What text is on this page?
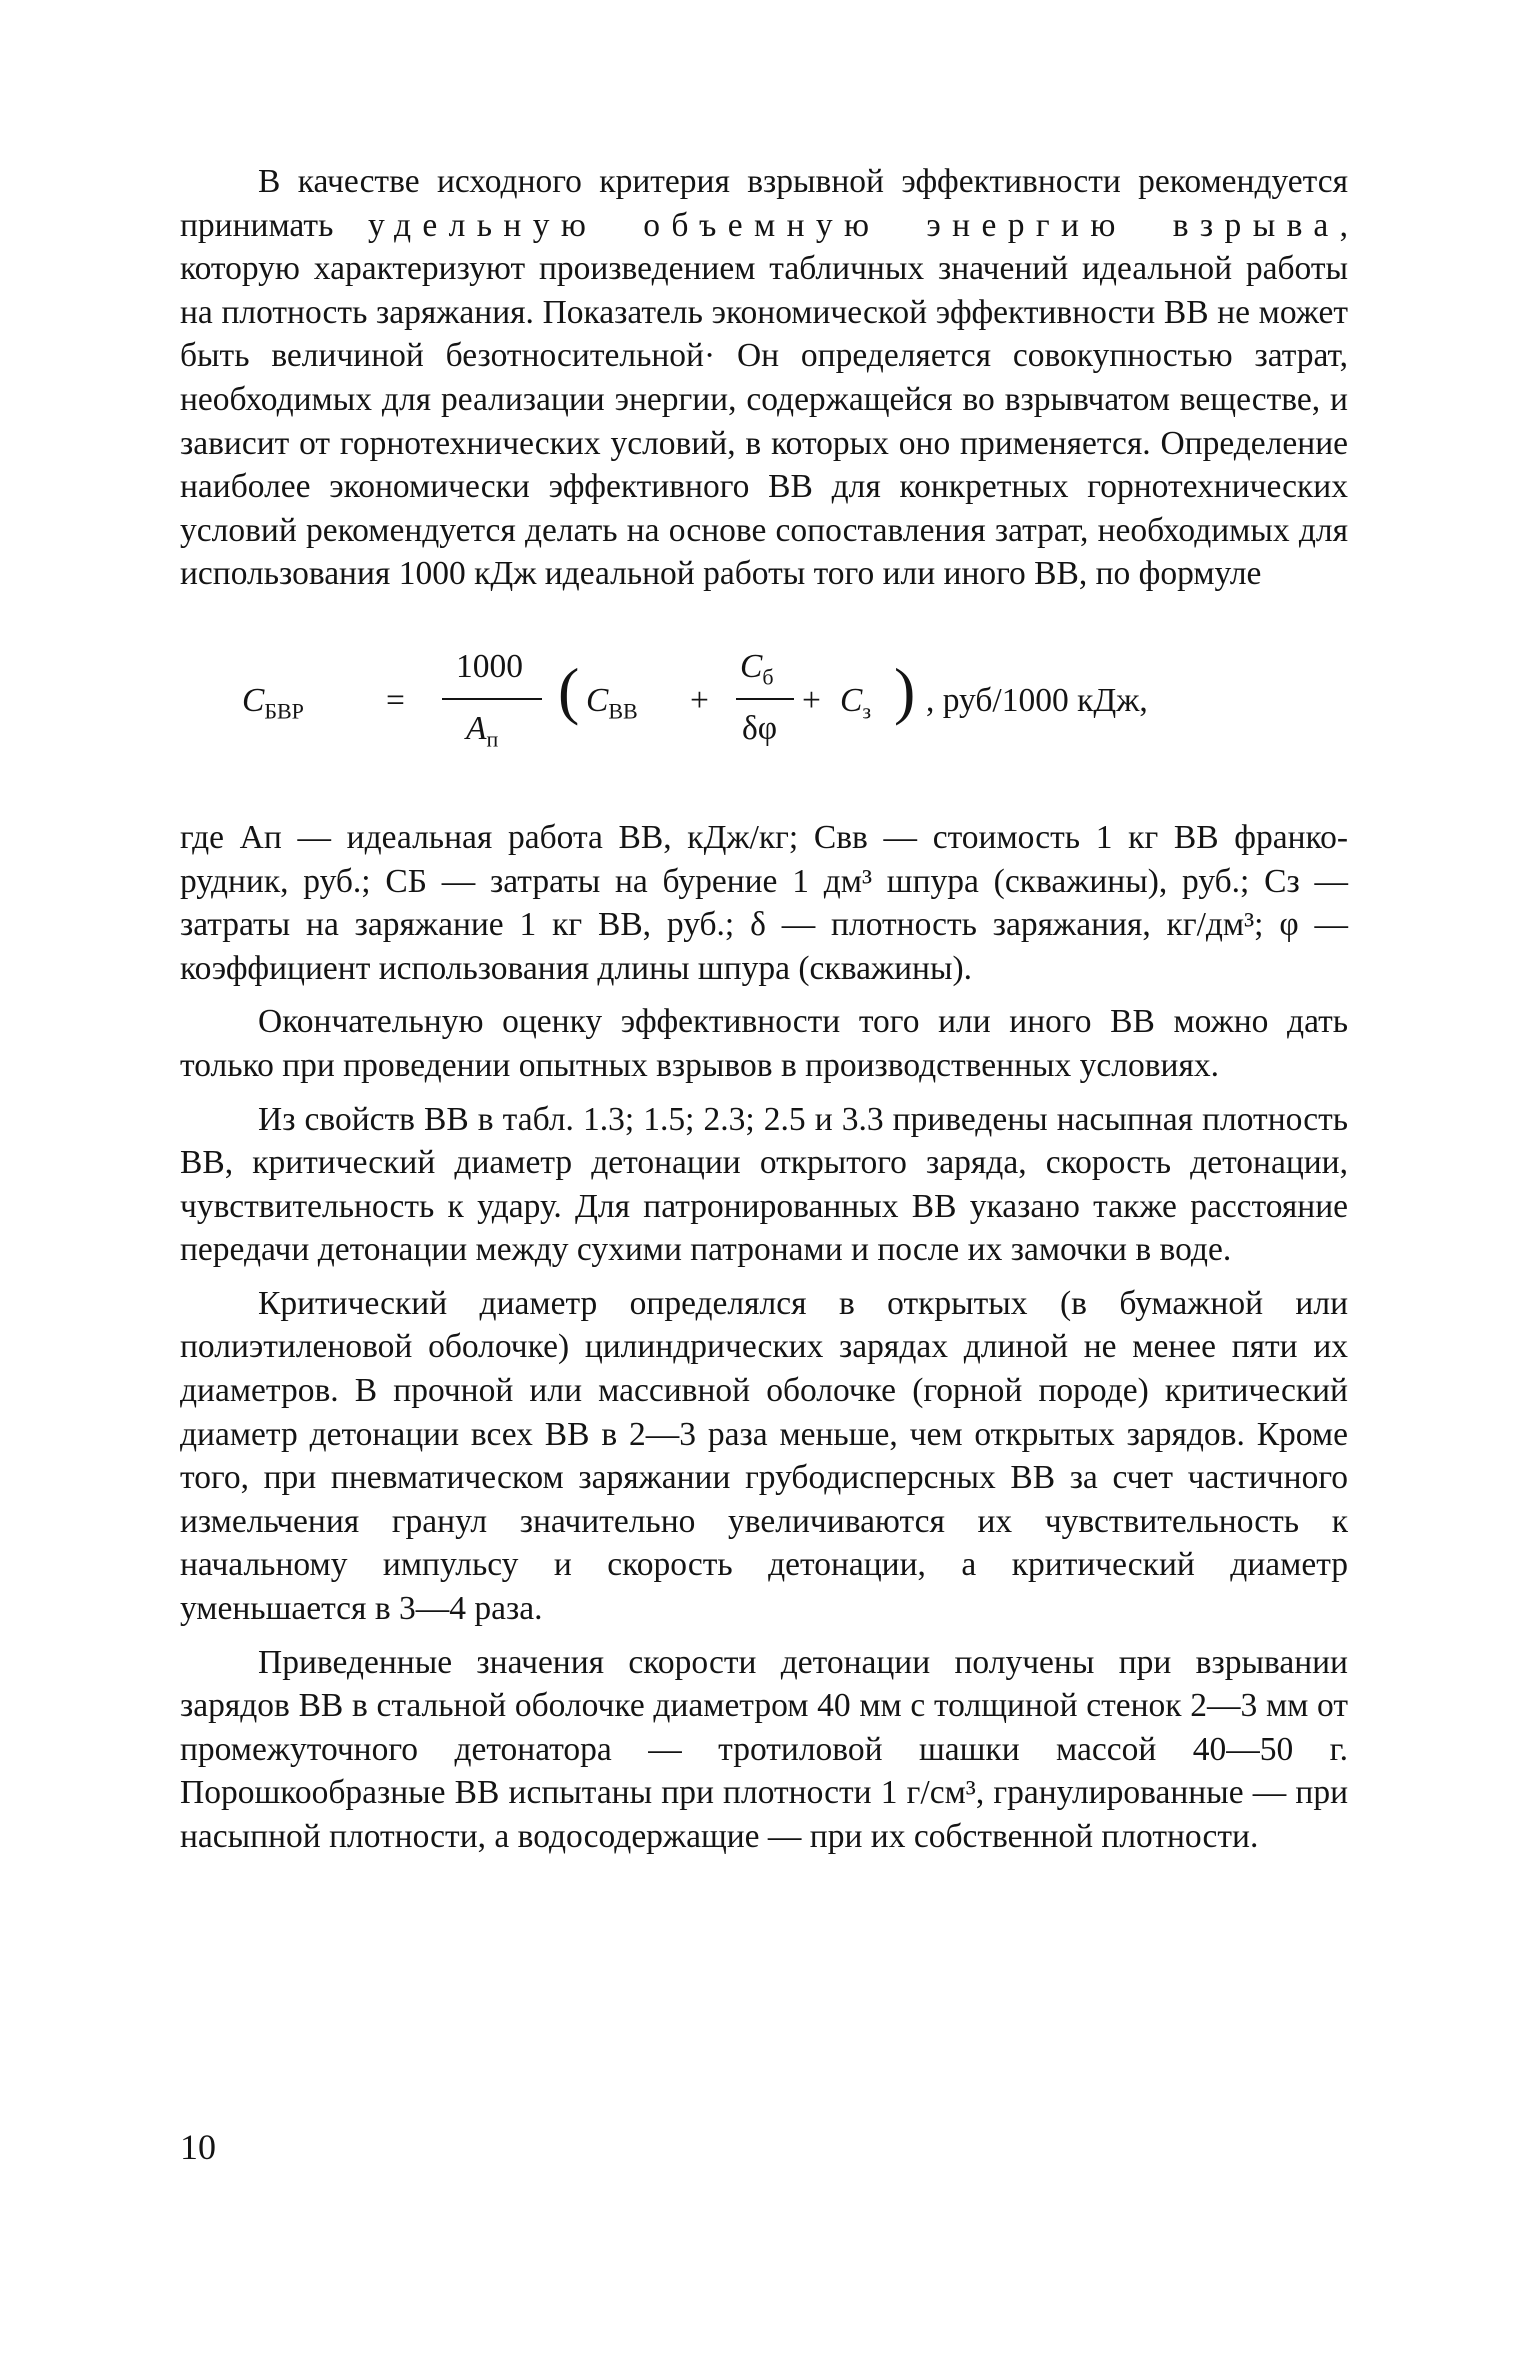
В качестве исходного критерия взрывной эффективности рекомендуется принимать удельную объемную энергию взрыва, которую характеризуют произведением табличных значений идеальной работы на плотность заряжания. Показатель экономической эффективности ВВ не может быть величиной безотносительной· Он определяется совокупностью затрат, необходимых для реализации энергии, содержащейся во взрывчатом веществе, и зависит от горнотехнических условий, в которых оно применяется. Определение наиболее экономически эффективного ВВ для конкретных горнотехнических условий рекомендуется делать на основе сопоставления затрат, необходимых для использования 1000 кДж идеальной работы того или иного ВВ, по формуле

$C_{БВР}$ =
1000
$A_п$
( $C_{ВВ}$ +
$C_б$
δφ
+ $C_з$ ) , руб/1000 кДж,

где Aп — идеальная работа ВВ, кДж/кг; Cвв — стоимость 1 кг ВВ франко-рудник, руб.; CБ — затраты на бурение 1 дм³ шпура (скважины), руб.; Cз — затраты на заряжание 1 кг ВВ, руб.; δ — плотность заряжания, кг/дм³; φ — коэффициент использования длины шпура (скважины).

Окончательную оценку эффективности того или иного ВВ можно дать только при проведении опытных взрывов в производственных условиях.

Из свойств ВВ в табл. 1.3; 1.5; 2.3; 2.5 и 3.3 приведены насыпная плотность ВВ, критический диаметр детонации открытого заряда, скорость детонации, чувствительность к удару. Для патронированных ВВ указано также расстояние передачи детонации между сухими патронами и после их замочки в воде.

Критический диаметр определялся в открытых (в бумажной или полиэтиленовой оболочке) цилиндрических зарядах длиной не менее пяти их диаметров. В прочной или массивной оболочке (горной породе) критический диаметр детонации всех ВВ в 2—3 раза меньше, чем открытых зарядов. Кроме того, при пневматическом заряжании грубодисперсных ВВ за счет частичного измельчения гранул значительно увеличиваются их чувствительность к начальному импульсу и скорость детонации, а критический диаметр уменьшается в 3—4 раза.

Приведенные значения скорости детонации получены при взрывании зарядов ВВ в стальной оболочке диаметром 40 мм с толщиной стенок 2—3 мм от промежуточного детонатора — тротиловой шашки массой 40—50 г. Порошкообразные ВВ испытаны при плотности 1 г/см³, гранулированные — при насыпной плотности, а водосодержащие — при их собственной плотности.

10
